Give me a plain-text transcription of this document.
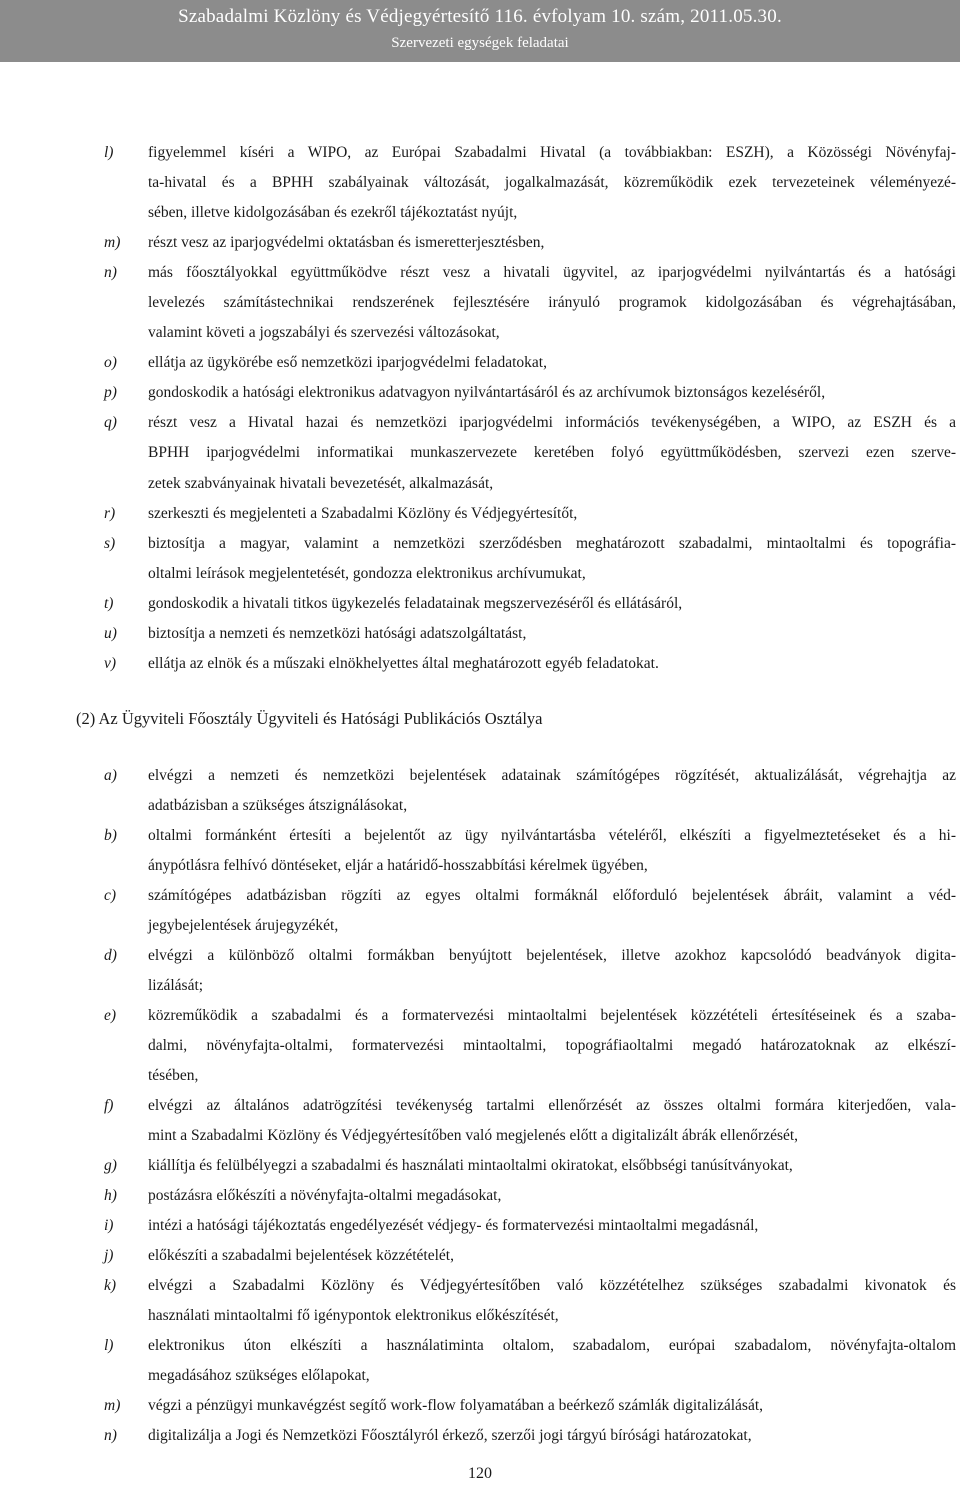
Szabadalmi Közlöny és Védjegyértesítő 116. évfolyam 10. szám, 2011.05.30.
Szervezeti egységek feladatai
l) figyelemmel kíséri a WIPO, az Európai Szabadalmi Hivatal (a továbbiakban: ESZH), a Közösségi Növényfaj-
ta-hivatal és a BPHH szabályainak változását, jogalkalmazását, közreműködik ezek tervezeteinek véleményezé-
sében, illetve kidolgozásában és ezekről tájékoztatást nyújt,
m) részt vesz az iparjogvédelmi oktatásban és ismeretterjesztésben,
n) más főosztályokkal együttműködve részt vesz a hivatali ügyvitel, az iparjogvédelmi nyilvántartás és a hatósági
levelezés számítástechnikai rendszerének fejlesztésére irányuló programok kidolgozásában és végrehajtásában,
valamint követi a jogszabályi és szervezési változásokat,
o) ellátja az ügykörébe eső nemzetközi iparjogvédelmi feladatokat,
p) gondoskodik a hatósági elektronikus adatvagyon nyilvántartásáról és az archívumok biztonságos kezeléséről,
q) részt vesz a Hivatal hazai és nemzetközi iparjogvédelmi információs tevékenységében, a WIPO, az ESZH és a
BPHH iparjogvédelmi informatikai munkaszervezete keretében folyó együttműködésben, szervezi ezen szerve-
zetek szabványainak hivatali bevezetését, alkalmazását,
r) szerkeszti és megjelenteti a Szabadalmi Közlöny és Védjegyértesítőt,
s) biztosítja a magyar, valamint a nemzetközi szerződésben meghatározott szabadalmi, mintaoltalmi és topográfia-
oltalmi leírások megjelentetését, gondozza elektronikus archívumukat,
t) gondoskodik a hivatali titkos ügykezelés feladatainak megszervezéséről és ellátásáról,
u) biztosítja a nemzeti és nemzetközi hatósági adatszolgáltatást,
v) ellátja az elnök és a műszaki elnökhelyettes által meghatározott egyéb feladatokat.
(2) Az Ügyviteli Főosztály Ügyviteli és Hatósági Publikációs Osztálya
a) elvégzi a nemzeti és nemzetközi bejelentések adatainak számítógépes rögzítését, aktualizálását, végrehajtja az
adatbázisban a szükséges átszignálásokat,
b) oltalmi formánként értesíti a bejelentőt az ügy nyilvántartásba vételéről, elkészíti a figyelmeztetéseket és a hi-
ánypótlásra felhívó döntéseket, eljár a határidő-hosszabbítási kérelmek ügyében,
c) számítógépes adatbázisban rögzíti az egyes oltalmi formáknál előforduló bejelentések ábráit, valamint a véd-
jegybejelentések árujegyzékét,
d) elvégzi a különböző oltalmi formákban benyújtott bejelentések, illetve azokhoz kapcsolódó beadványok digita-
lizálását;
e) közreműködik a szabadalmi és a formatervezési mintaoltalmi bejelentések közzétételi értesítéseinek és a szaba-
dalmi, növényfajta-oltalmi, formatervezési mintaoltalmi, topográfiaoltalmi megadó határozatoknak az elkészí-
tésében,
f) elvégzi az általános adatrögzítési tevékenység tartalmi ellenőrzését az összes oltalmi formára kiterjedően, vala-
mint a Szabadalmi Közlöny és Védjegyértesítőben való megjelenés előtt a digitalizált ábrák ellenőrzését,
g) kiállítja és felülbélyegzi a szabadalmi és használati mintaoltalmi okiratokat, elsőbbségi tanúsítványokat,
h) postázásra előkészíti a növényfajta-oltalmi megadásokat,
i) intézi a hatósági tájékoztatás engedélyezését védjegy- és formatervezési mintaoltalmi megadásnál,
j) előkészíti a szabadalmi bejelentések közzétételét,
k) elvégzi a Szabadalmi Közlöny és Védjegyértesítőben való közzétételhez szükséges szabadalmi kivonatok és
használati mintaoltalmi fő igénypontok elektronikus előkészítését,
l) elektronikus úton elkészíti a használatiminta oltalom, szabadalom, európai szabadalom, növényfajta-oltalom
megadásához szükséges előlapokat,
m) végzi a pénzügyi munkavégzést segítő work-flow folyamatában a beérkező számlák digitalizálását,
n) digitalizálja a Jogi és Nemzetközi Főosztályról érkező, szerzői jogi tárgyú bírósági határozatokat,
120
